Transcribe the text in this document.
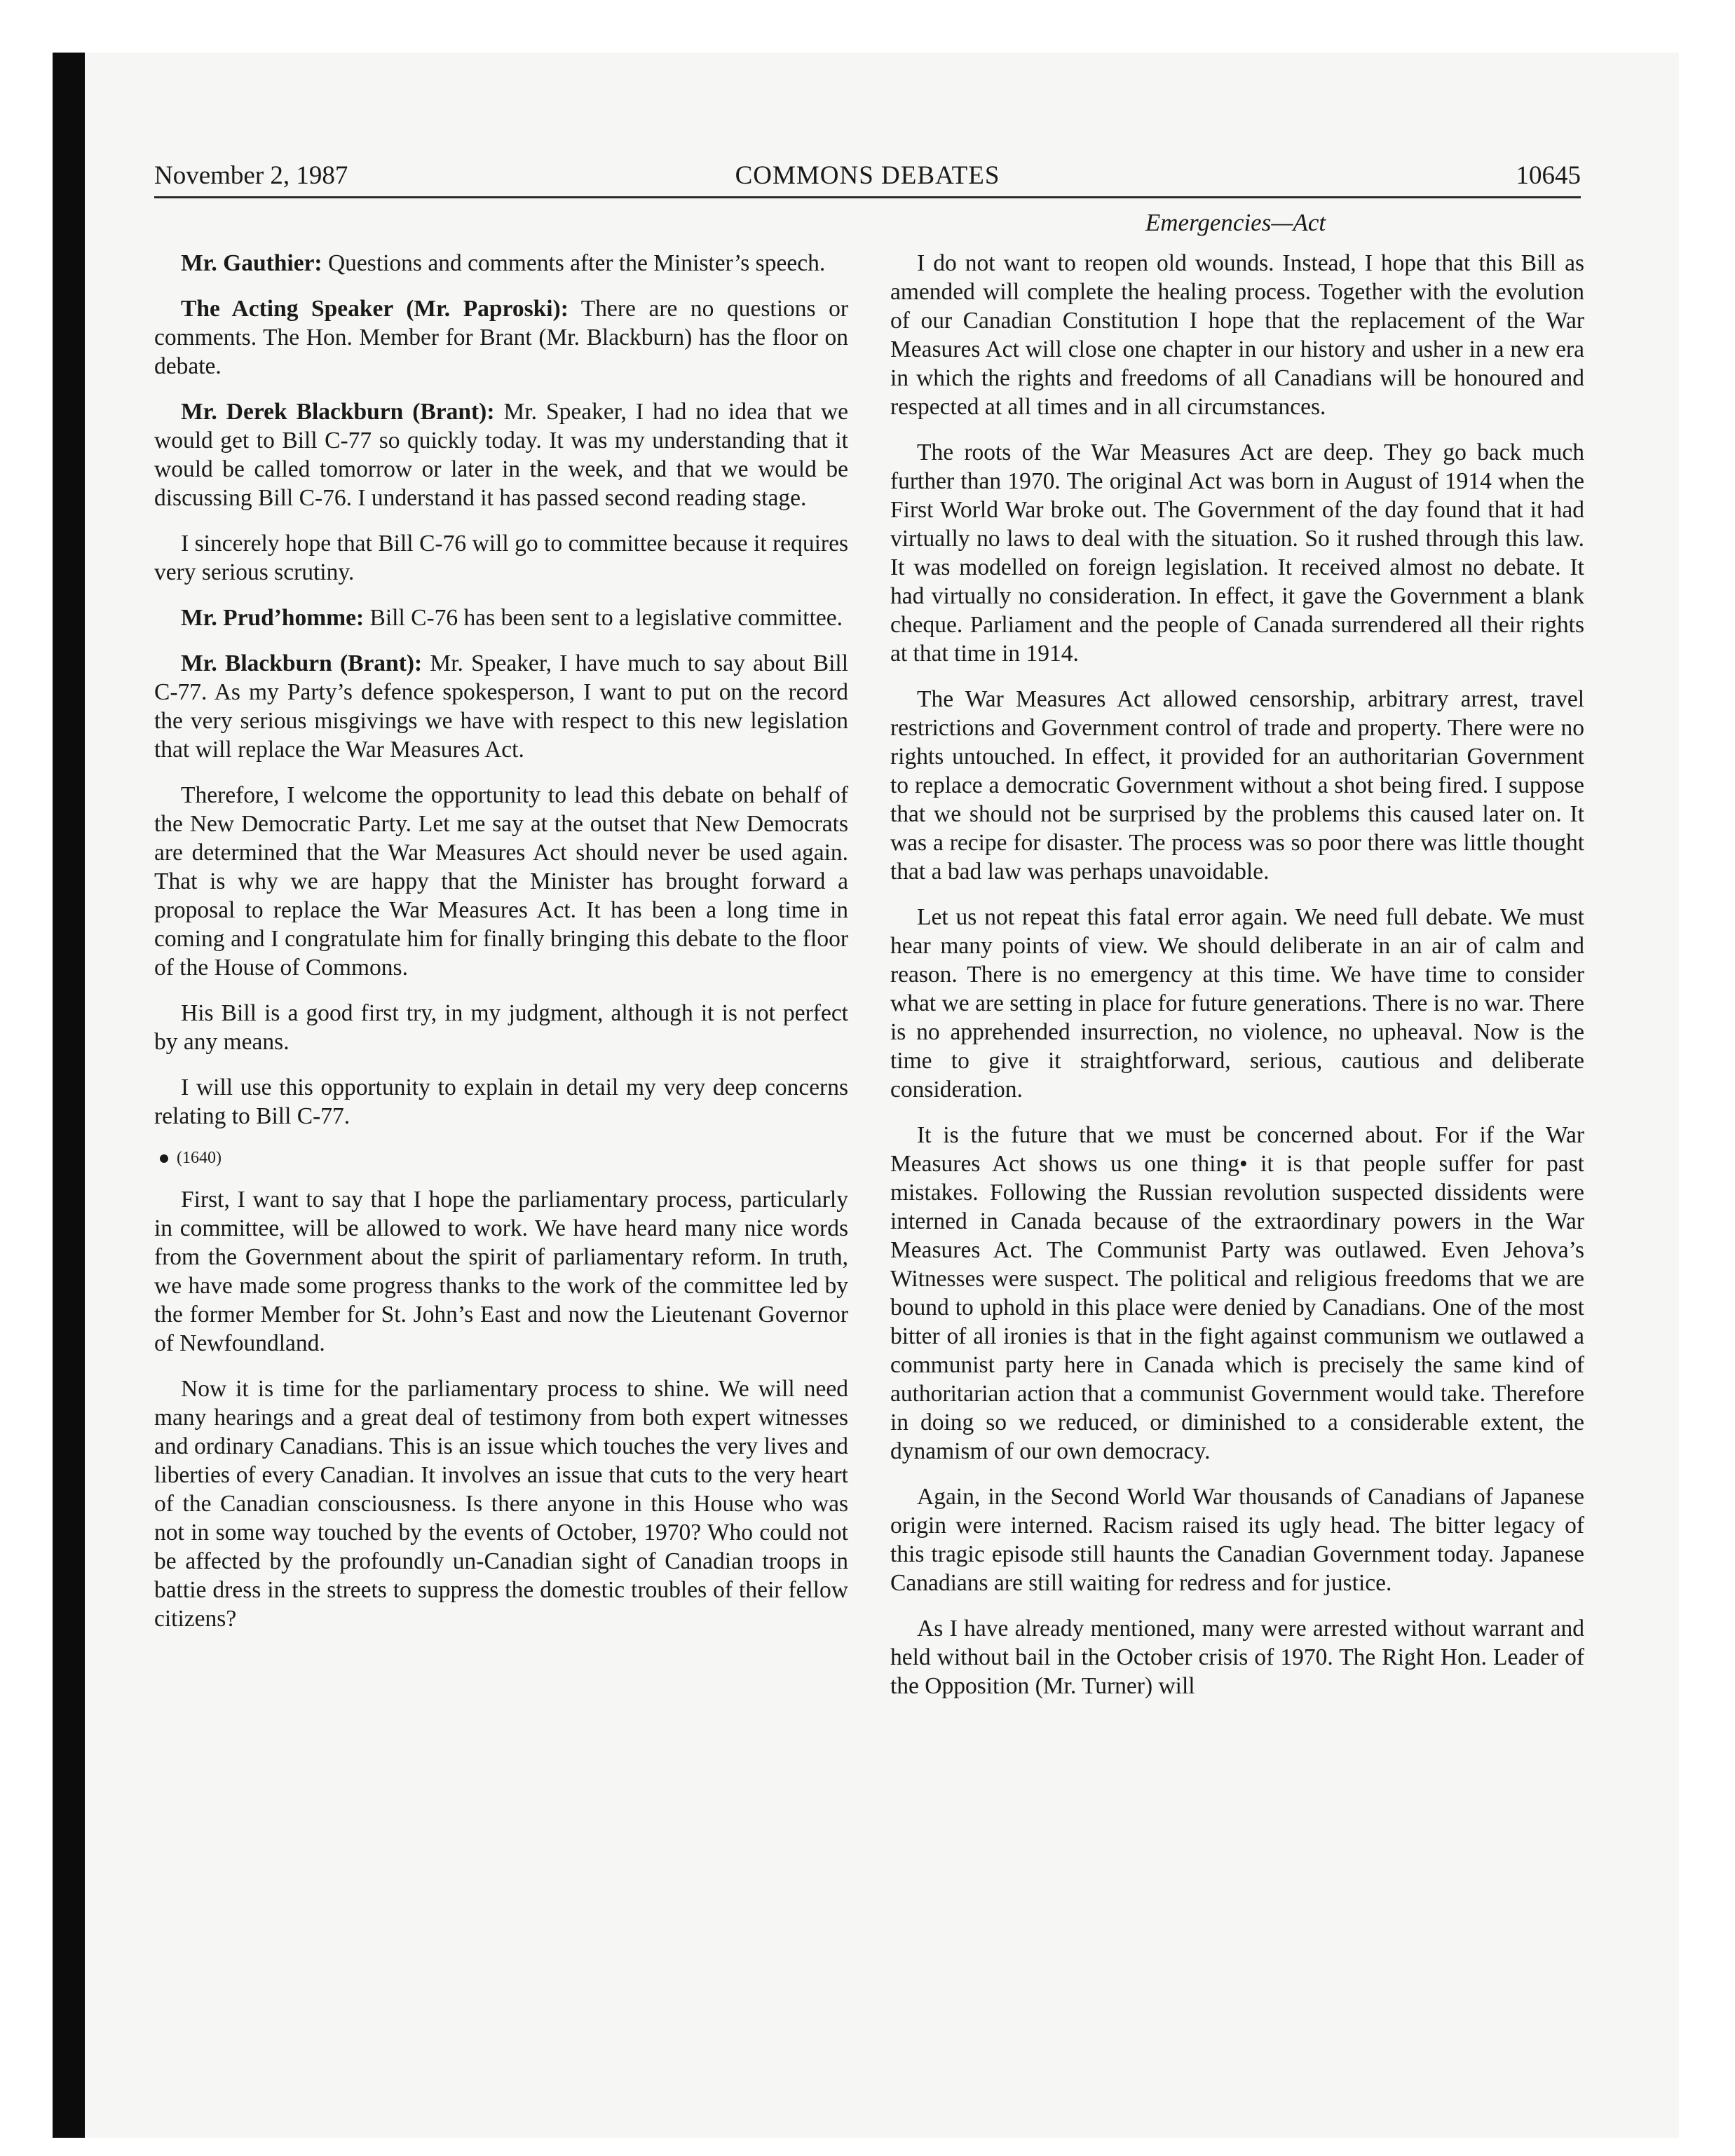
November 2, 1987	COMMONS DEBATES	10645
Emergencies—Act

Mr. Gauthier: Questions and comments after the Minister’s speech.

The Acting Speaker (Mr. Paproski): There are no questions or comments. The Hon. Member for Brant (Mr. Blackburn) has the floor on debate.

Mr. Derek Blackburn (Brant): Mr. Speaker, I had no idea that we would get to Bill C-77 so quickly today. It was my understanding that it would be called tomorrow or later in the week, and that we would be discussing Bill C-76. I understand it has passed second reading stage.

I sincerely hope that Bill C-76 will go to committee because it requires very serious scrutiny.

Mr. Prud’homme: Bill C-76 has been sent to a legislative committee.

Mr. Blackburn (Brant): Mr. Speaker, I have much to say about Bill C-77. As my Party’s defence spokesperson, I want to put on the record the very serious misgivings we have with respect to this new legislation that will replace the War Measures Act.

Therefore, I welcome the opportunity to lead this debate on behalf of the New Democratic Party. Let me say at the outset that New Democrats are determined that the War Measures Act should never be used again. That is why we are happy that the Minister has brought forward a proposal to replace the War Measures Act. It has been a long time in coming and I congratulate him for finally bringing this debate to the floor of the House of Commons.

His Bill is a good first try, in my judgment, although it is not perfect by any means.

I will use this opportunity to explain in detail my very deep concerns relating to Bill C-77.

(1640)

First, I want to say that I hope the parliamentary process, particularly in committee, will be allowed to work. We have heard many nice words from the Government about the spirit of parliamentary reform. In truth, we have made some progress thanks to the work of the committee led by the former Member for St. John’s East and now the Lieutenant Governor of Newfoundland.

Now it is time for the parliamentary process to shine. We will need many hearings and a great deal of testimony from both expert witnesses and ordinary Canadians. This is an issue which touches the very lives and liberties of every Canadian. It involves an issue that cuts to the very heart of the Canadian consciousness. Is there anyone in this House who was not in some way touched by the events of October, 1970? Who could not be affected by the profoundly un-Canadian sight of Canadian troops in battie dress in the streets to suppress the domestic troubles of their fellow citizens?

I do not want to reopen old wounds. Instead, I hope that this Bill as amended will complete the healing process. Together with the evolution of our Canadian Constitution I hope that the replacement of the War Measures Act will close one chapter in our history and usher in a new era in which the rights and freedoms of all Canadians will be honoured and respected at all times and in all circumstances.

The roots of the War Measures Act are deep. They go back much further than 1970. The original Act was born in August of 1914 when the First World War broke out. The Government of the day found that it had virtually no laws to deal with the situation. So it rushed through this law. It was modelled on foreign legislation. It received almost no debate. It had virtually no consideration. In effect, it gave the Government a blank cheque. Parliament and the people of Canada surrendered all their rights at that time in 1914.

The War Measures Act allowed censorship, arbitrary arrest, travel restrictions and Government control of trade and property. There were no rights untouched. In effect, it provided for an authoritarian Government to replace a democratic Government without a shot being fired. I suppose that we should not be surprised by the problems this caused later on. It was a recipe for disaster. The process was so poor there was little thought that a bad law was perhaps unavoidable.

Let us not repeat this fatal error again. We need full debate. We must hear many points of view. We should deliberate in an air of calm and reason. There is no emergency at this time. We have time to consider what we are setting in place for future generations. There is no war. There is no apprehended insurrection, no violence, no upheaval. Now is the time to give it straightforward, serious, cautious and deliberate consideration.

It is the future that we must be concerned about. For if the War Measures Act shows us one thing• it is that people suffer for past mistakes. Following the Russian revolution suspected dissidents were interned in Canada because of the extraordinary powers in the War Measures Act. The Communist Party was outlawed. Even Jehova’s Witnesses were suspect. The political and religious freedoms that we are bound to uphold in this place were denied by Canadians. One of the most bitter of all ironies is that in the fight against communism we outlawed a communist party here in Canada which is precisely the same kind of authoritarian action that a communist Government would take. Therefore in doing so we reduced, or diminished to a considerable extent, the dynamism of our own democracy.

Again, in the Second World War thousands of Canadians of Japanese origin were interned. Racism raised its ugly head. The bitter legacy of this tragic episode still haunts the Canadian Government today. Japanese Canadians are still waiting for redress and for justice.

As I have already mentioned, many were arrested without warrant and held without bail in the October crisis of 1970. The Right Hon. Leader of the Opposition (Mr. Turner) will
